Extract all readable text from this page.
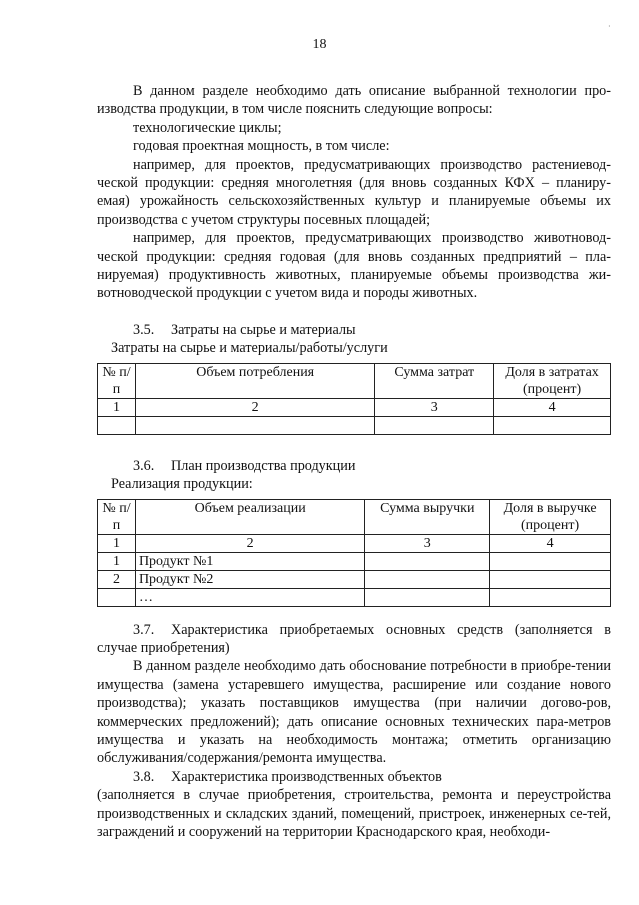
·
18

В данном разделе необходимо дать описание выбранной технологии про-

изводства продукции, в том числе пояснить следующие вопросы:

технологические циклы;

годовая проектная мощность, в том числе:

например, для проектов, предусматривающих производство растениевод-ческой продукции: средняя многолетняя (для вновь созданных КФХ – планиру-емая) урожайность сельскохозяйственных культур и планируемые объемы их производства с учетом структуры посевных площадей;

например, для проектов, предусматривающих производство животновод-ческой продукции: средняя годовая (для вновь созданных предприятий – пла-нируемая) продуктивность животных, планируемые объемы производства жи-вотноводческой продукции с учетом вида и породы животных.

3.5. Затраты на сырье и материалы

Затраты на сырье и материалы/работы/услуги

№ п/п	Объем потребления	Сумма затрат	Доля в затратах (процент)
1	2	3	4

3.6. План производства продукции

Реализация продукции:

№ п/п	Объем реализации	Сумма выручки	Доля в выручке (процент)
1	2	3	4
1	Продукт №1		
2	Продукт №2		
	…		

3.7. Характеристика приобретаемых основных средств (заполняется в

случае приобретения)

В данном разделе необходимо дать обоснование потребности в приобре-тении имущества (замена устаревшего имущества, расширение или создание нового производства); указать поставщиков имущества (при наличии догово-ров, коммерческих предложений); дать описание основных технических пара-метров имущества и указать на необходимость монтажа; отметить организацию обслуживания/содержания/ремонта имущества.

3.8. Характеристика производственных объектов

(заполняется в случае приобретения, строительства, ремонта и переустройства производственных и складских зданий, помещений, пристроек, инженерных се-тей, заграждений и сооружений на территории Краснодарского края, необходи-
